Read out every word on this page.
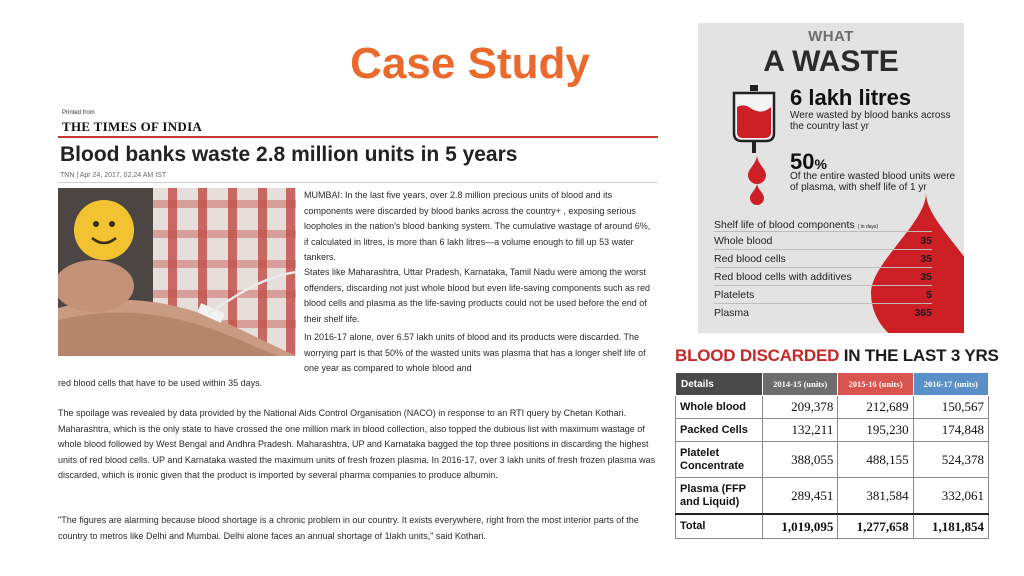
Case Study
Printed from
THE TIMES OF INDIA
Blood banks waste 2.8 million units in 5 years
TNN | Apr 24, 2017, 02.24 AM IST

MUMBAI: In the last five years, over 2.8 million precious units of blood and its components were discarded by blood banks across the country+ , exposing serious loopholes in the nation's blood banking system. The cumulative wastage of around 6%, if calculated in litres, is more than 6 lakh litres—a volume enough to fill up 53 water tankers.

States like Maharashtra, Uttar Pradesh, Karnataka, Tamil Nadu were among the worst offenders, discarding not just whole blood but even life-saving components such as red blood cells and plasma as the life-saving products could not be used before the end of their shelf life.

In 2016-17 alone, over 6.57 lakh units of blood and its products were discarded. The worrying part is that 50% of the wasted units was plasma that has a longer shelf life of one year as compared to whole blood and

red blood cells that have to be used within 35 days.

The spoilage was revealed by data provided by the National Aids Control Organisation (NACO) in response to an RTI query by Chetan Kothari. Maharashtra, which is the only state to have crossed the one million mark in blood collection, also topped the dubious list with maximum wastage of whole blood followed by West Bengal and Andhra Pradesh. Maharashtra, UP and Karnataka bagged the top three positions in discarding the highest units of red blood cells. UP and Karnataka wasted the maximum units of fresh frozen plasma. In 2016-17, over 3 lakh units of fresh frozen plasma was discarded, which is ironic given that the product is imported by several pharma companies to produce albumin.

"The figures are alarming because blood shortage is a chronic problem in our country. It exists everywhere, right from the most interior parts of the country to metros like Delhi and Mumbai. Delhi alone faces an annual shortage of 1lakh units," said Kothari.

WHAT
A WASTE
6 lakh litres
Were wasted by blood banks across the country last yr
50%
Of the entire wasted blood units were of plasma, with shelf life of 1 yr
Shelf life of blood components ( in days)
Whole blood	35
Red blood cells	35
Red blood cells with additives	35
Platelets	5
Plasma	365
BLOOD DISCARDED IN THE LAST 3 YRS
Details	2014-15 (units)	2015-16 (units)	2016-17 (units)
Whole blood	209,378	212,689	150,567
Packed Cells	132,211	195,230	174,848
Platelet Concentrate	388,055	488,155	524,378
Plasma (FFP and Liquid)	289,451	381,584	332,061
Total	1,019,095	1,277,658	1,181,854
